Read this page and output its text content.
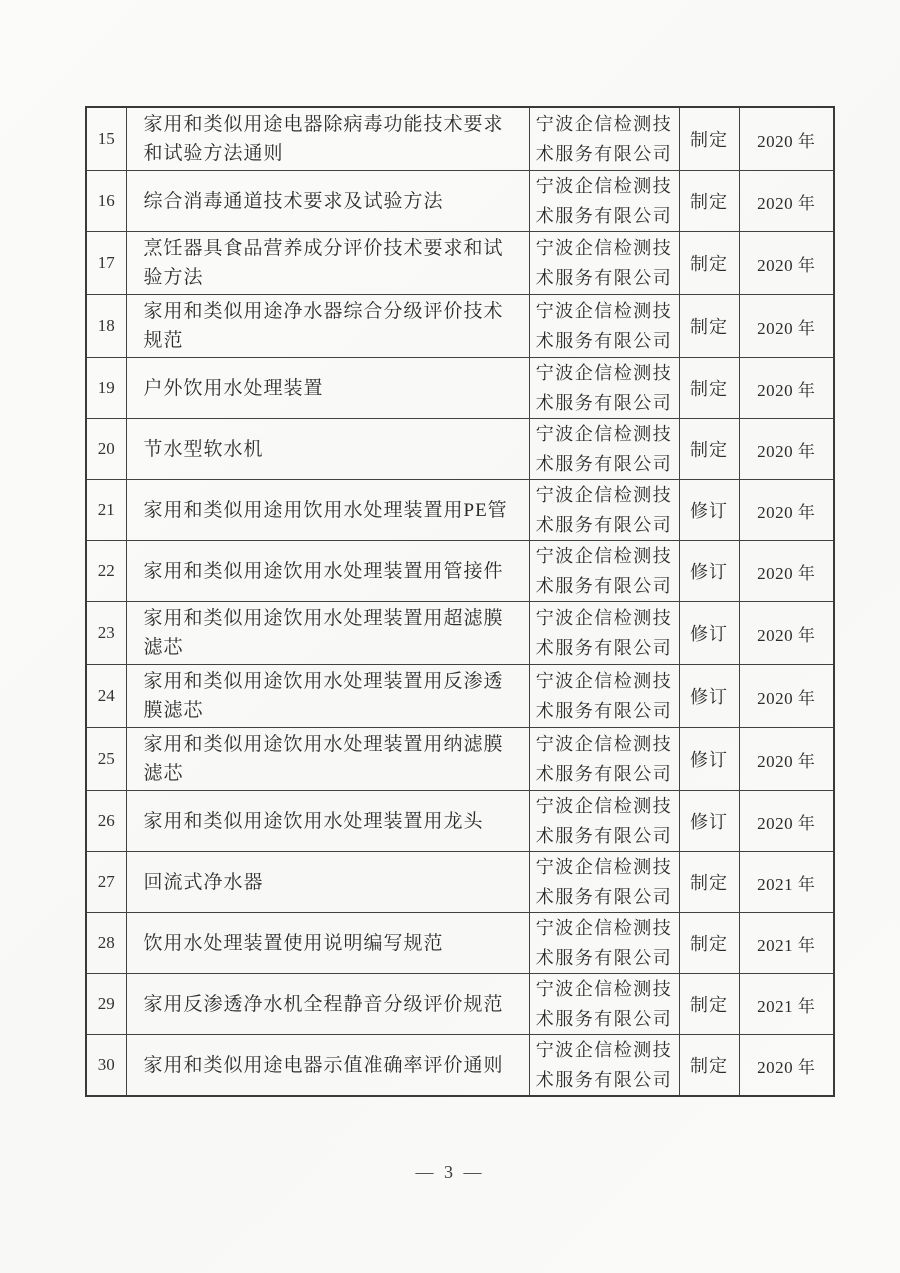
15	家用和类似用途电器除病毒功能技术要求和试验方法通则	宁波企信检测技术服务有限公司	制定	2020 年
16	综合消毒通道技术要求及试验方法	宁波企信检测技术服务有限公司	制定	2020 年
17	烹饪器具食品营养成分评价技术要求和试验方法	宁波企信检测技术服务有限公司	制定	2020 年
18	家用和类似用途净水器综合分级评价技术规范	宁波企信检测技术服务有限公司	制定	2020 年
19	户外饮用水处理装置	宁波企信检测技术服务有限公司	制定	2020 年
20	节水型软水机	宁波企信检测技术服务有限公司	制定	2020 年
21	家用和类似用途用饮用水处理装置用PE管	宁波企信检测技术服务有限公司	修订	2020 年
22	家用和类似用途饮用水处理装置用管接件	宁波企信检测技术服务有限公司	修订	2020 年
23	家用和类似用途饮用水处理装置用超滤膜滤芯	宁波企信检测技术服务有限公司	修订	2020 年
24	家用和类似用途饮用水处理装置用反渗透膜滤芯	宁波企信检测技术服务有限公司	修订	2020 年
25	家用和类似用途饮用水处理装置用纳滤膜滤芯	宁波企信检测技术服务有限公司	修订	2020 年
26	家用和类似用途饮用水处理装置用龙头	宁波企信检测技术服务有限公司	修订	2020 年
27	回流式净水器	宁波企信检测技术服务有限公司	制定	2021 年
28	饮用水处理装置使用说明编写规范	宁波企信检测技术服务有限公司	制定	2021 年
29	家用反渗透净水机全程静音分级评价规范	宁波企信检测技术服务有限公司	制定	2021 年
30	家用和类似用途电器示值准确率评价通则	宁波企信检测技术服务有限公司	制定	2020 年
— 3 —
